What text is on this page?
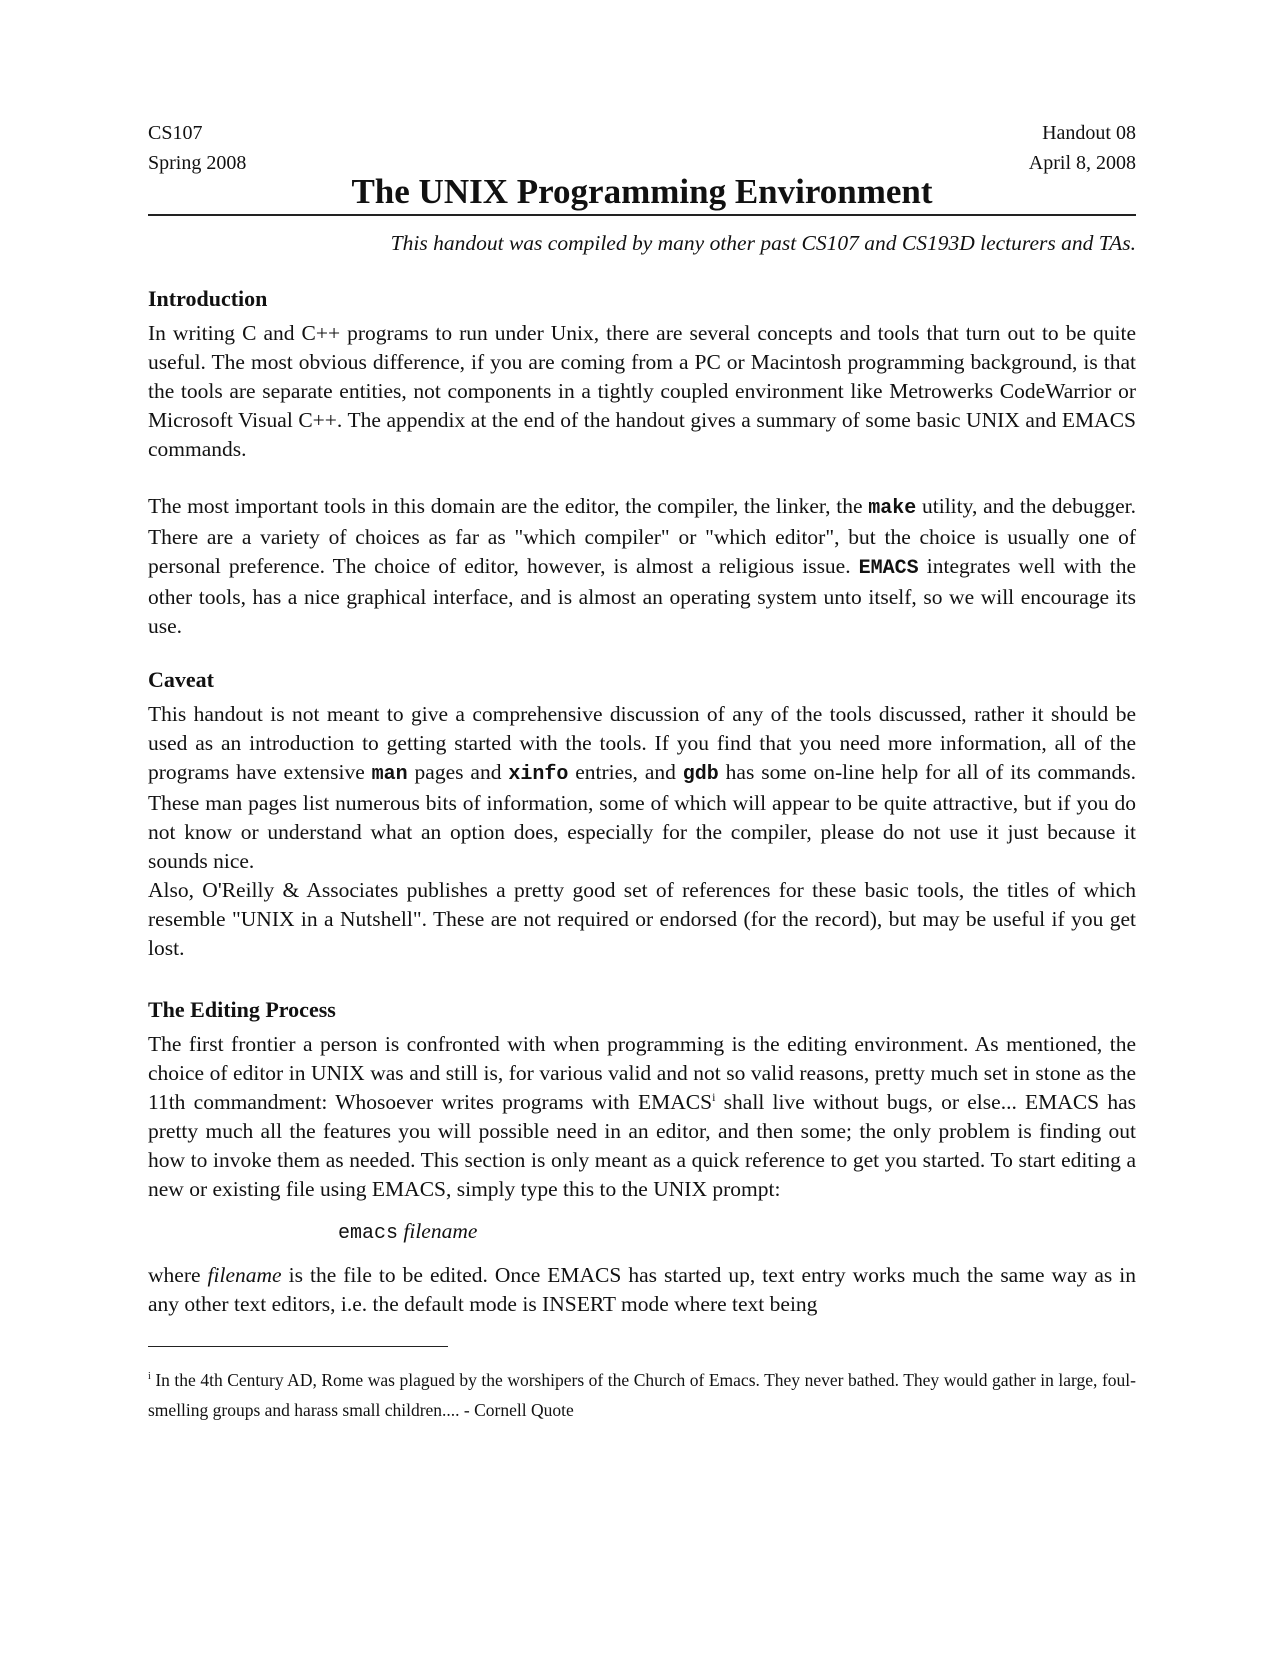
CS107	Handout 08
Spring 2008	April 8, 2008
The UNIX Programming Environment
This handout was compiled by many other past CS107 and CS193D lecturers and TAs.
Introduction

In writing C and C++ programs to run under Unix, there are several concepts and tools that turn out to be quite useful. The most obvious difference, if you are coming from a PC or Macintosh programming background, is that the tools are separate entities, not components in a tightly coupled environment like Metrowerks CodeWarrior or Microsoft Visual C++. The appendix at the end of the handout gives a summary of some basic UNIX and EMACS commands.

The most important tools in this domain are the editor, the compiler, the linker, the make utility, and the debugger. There are a variety of choices as far as "which compiler" or "which editor", but the choice is usually one of personal preference. The choice of editor, however, is almost a religious issue. EMACS integrates well with the other tools, has a nice graphical interface, and is almost an operating system unto itself, so we will encourage its use.

Caveat

This handout is not meant to give a comprehensive discussion of any of the tools discussed, rather it should be used as an introduction to getting started with the tools. If you find that you need more information, all of the programs have extensive man pages and xinfo entries, and gdb has some on-line help for all of its commands. These man pages list numerous bits of information, some of which will appear to be quite attractive, but if you do not know or understand what an option does, especially for the compiler, please do not use it just because it sounds nice.

Also, O'Reilly & Associates publishes a pretty good set of references for these basic tools, the titles of which resemble "UNIX in a Nutshell". These are not required or endorsed (for the record), but may be useful if you get lost.

The Editing Process

The first frontier a person is confronted with when programming is the editing environment. As mentioned, the choice of editor in UNIX was and still is, for various valid and not so valid reasons, pretty much set in stone as the 11th commandment: Whosoever writes programs with EMACS$^i$ shall live without bugs, or else... EMACS has pretty much all the features you will possible need in an editor, and then some; the only problem is finding out how to invoke them as needed. This section is only meant as a quick reference to get you started. To start editing a new or existing file using EMACS, simply type this to the UNIX prompt:

emacs filename

where filename is the file to be edited. Once EMACS has started up, text entry works much the same way as in any other text editors, i.e. the default mode is INSERT mode where text being

$^i$ In the 4th Century AD, Rome was plagued by the worshipers of the Church of Emacs. They never bathed. They would gather in large, foul-smelling groups and harass small children.... - Cornell Quote
